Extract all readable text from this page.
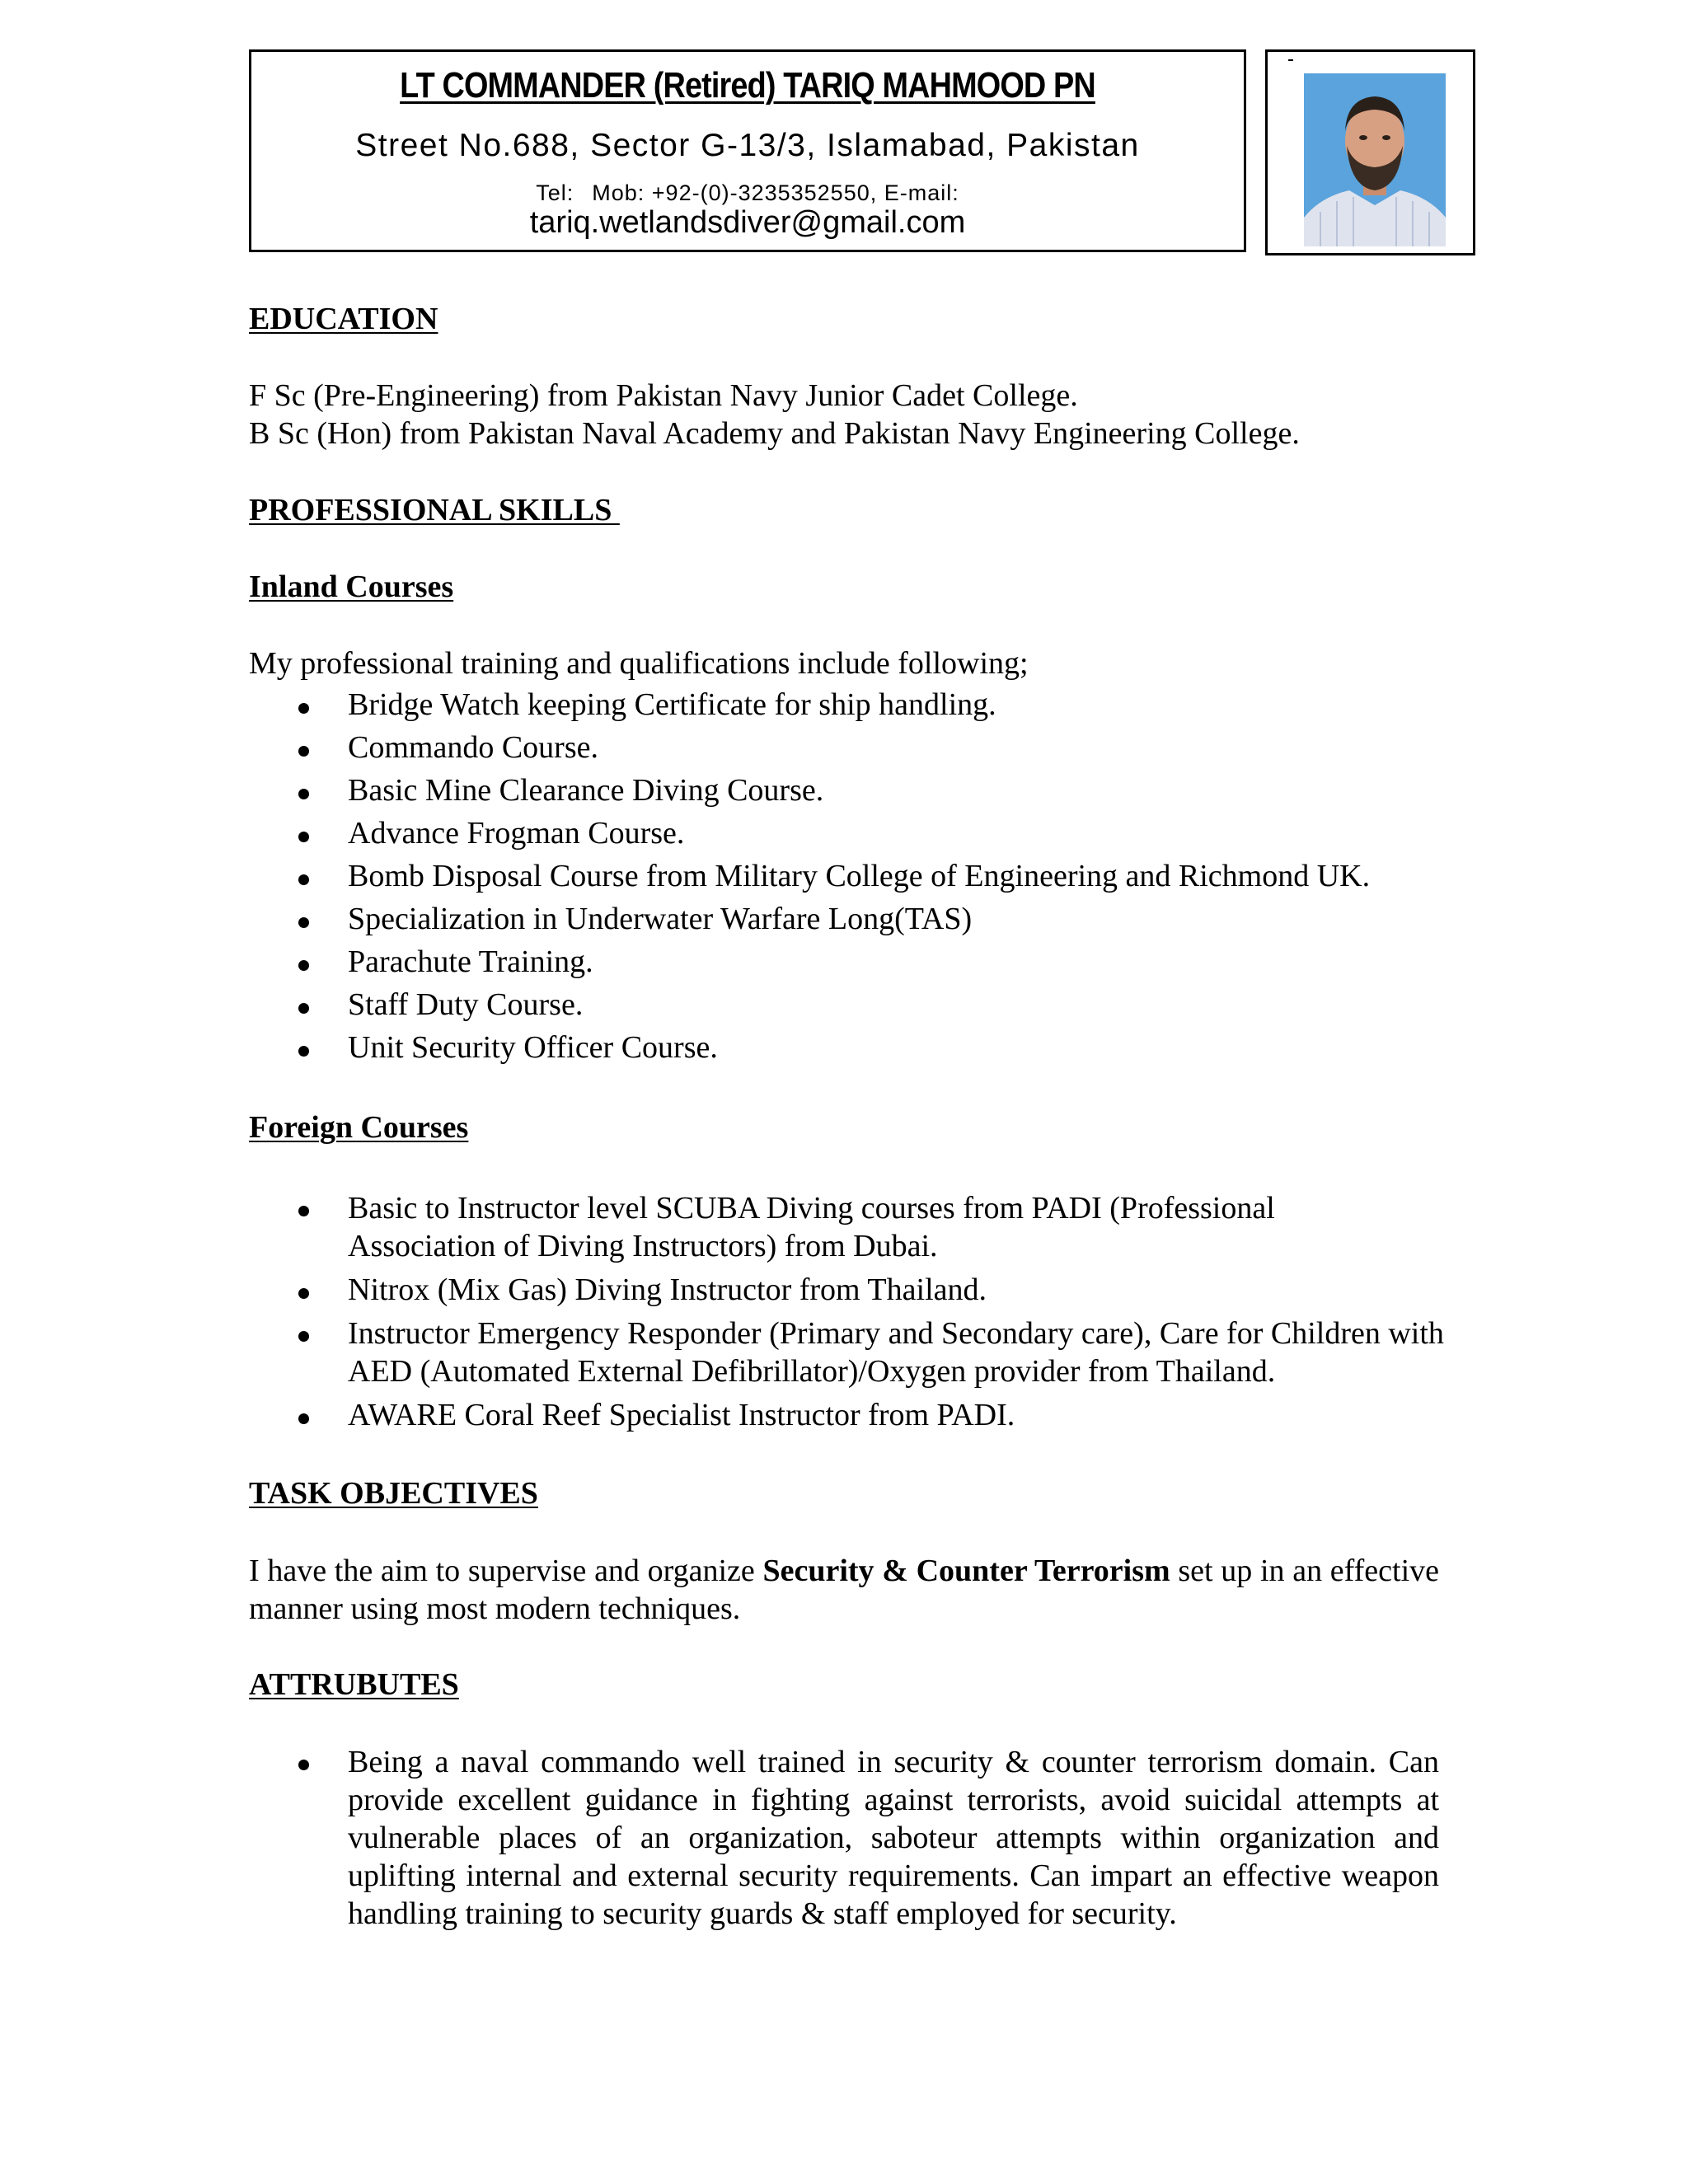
LT COMMANDER (Retired) TARIQ MAHMOOD PN
Street No.688, Sector G-13/3, Islamabad, Pakistan
Tel: Mob: +92-(0)-3235352550, E-mail:
tariq.wetlandsdiver@gmail.com
EDUCATION
F Sc (Pre-Engineering) from Pakistan Navy Junior Cadet College.
B Sc (Hon) from Pakistan Naval Academy and Pakistan Navy Engineering College.
PROFESSIONAL SKILLS
Inland Courses
My professional training and qualifications include following;
Bridge Watch keeping Certificate for ship handling.
Commando Course.
Basic Mine Clearance Diving Course.
Advance Frogman Course.
Bomb Disposal Course from Military College of Engineering and Richmond UK.
Specialization in Underwater Warfare Long(TAS)
Parachute Training.
Staff Duty Course.
Unit Security Officer Course.
Foreign Courses
Basic to Instructor level SCUBA Diving courses from PADI (Professional Association of Diving Instructors) from Dubai.
Nitrox (Mix Gas) Diving Instructor from Thailand.
Instructor Emergency Responder (Primary and Secondary care), Care for Children with AED (Automated External Defibrillator)/Oxygen provider from Thailand.
AWARE Coral Reef Specialist Instructor from PADI.
TASK OBJECTIVES
I have the aim to supervise and organize Security & Counter Terrorism set up in an effective manner using most modern techniques.
ATTRUBUTES
Being a naval commando well trained in security & counter terrorism domain. Can provide excellent guidance in fighting against terrorists, avoid suicidal attempts at vulnerable places of an organization, saboteur attempts within organization and uplifting internal and external security requirements. Can impart an effective weapon handling training to security guards & staff employed for security.
